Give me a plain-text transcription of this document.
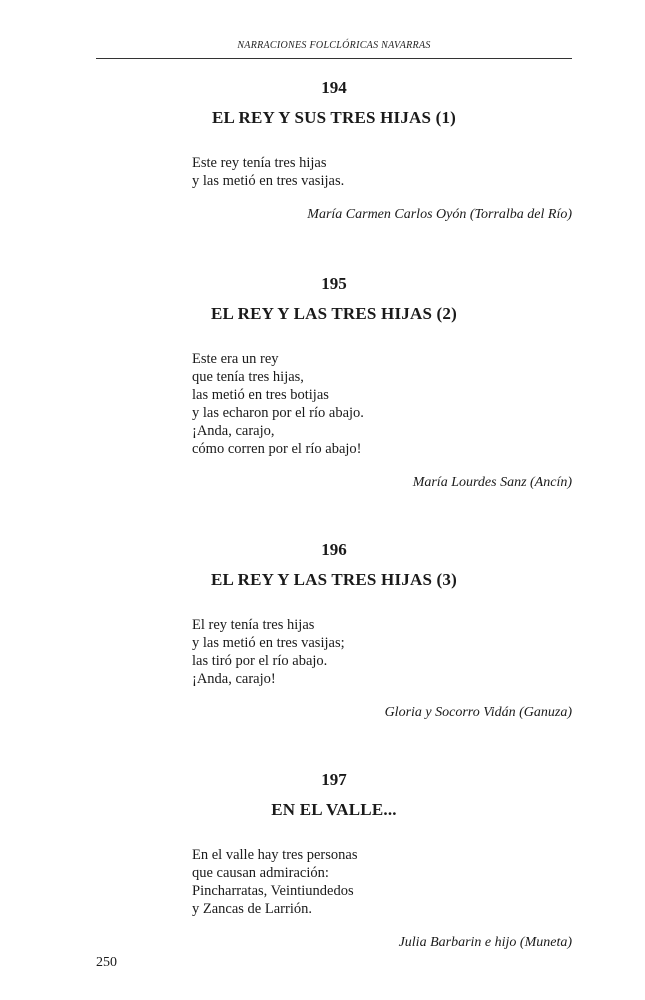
NARRACIONES FOLCLÓRICAS NAVARRAS

194

EL REY Y SUS TRES HIJAS (1)

Este rey tenía tres hijas
y las metió en tres vasijas.

María Carmen Carlos Oyón (Torralba del Río)

195

EL REY Y LAS TRES HIJAS (2)

Este era un rey
que tenía tres hijas,
las metió en tres botijas
y las echaron por el río abajo.
¡Anda, carajo,
cómo corren por el río abajo!

María Lourdes Sanz (Ancín)

196

EL REY Y LAS TRES HIJAS (3)

El rey tenía tres hijas
y las metió en tres vasijas;
las tiró por el río abajo.
¡Anda, carajo!

Gloria y Socorro Vidán (Ganuza)

197

EN EL VALLE...

En el valle hay tres personas
que causan admiración:
Pincharratas, Veintiundedos
y Zancas de Larrión.

Julia Barbarin e hijo (Muneta)

250
